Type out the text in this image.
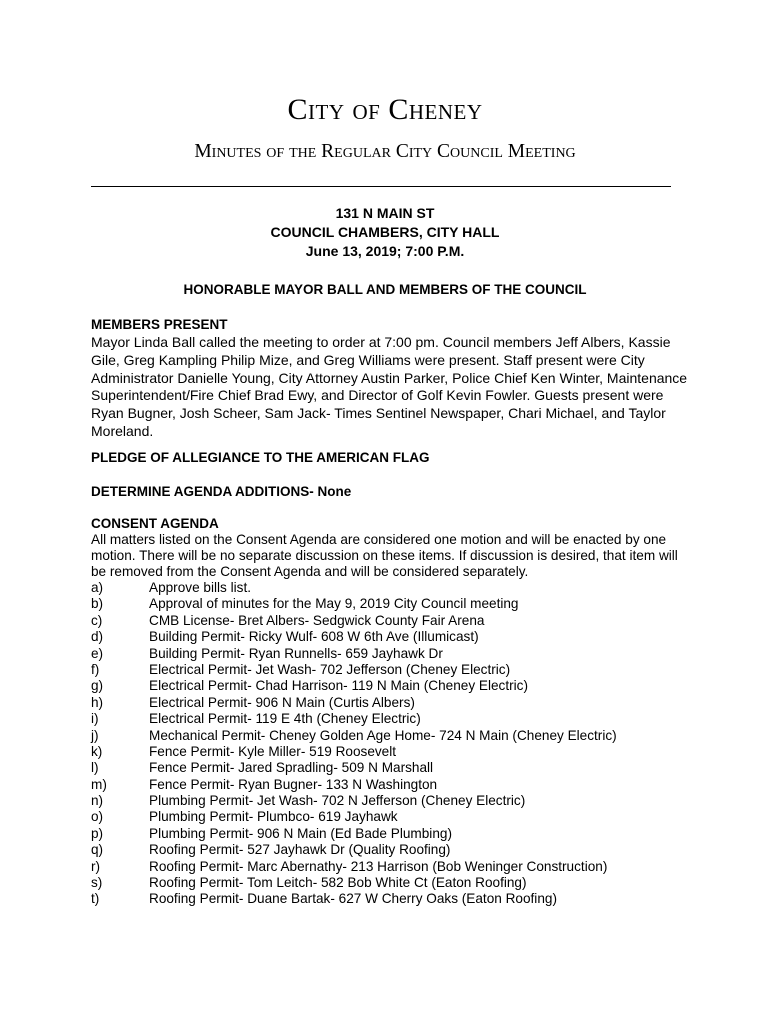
City of Cheney
Minutes of the Regular City Council Meeting
131 N MAIN ST
COUNCIL CHAMBERS, CITY HALL
June 13, 2019; 7:00 P.M.
HONORABLE MAYOR BALL AND MEMBERS OF THE COUNCIL
MEMBERS PRESENT

Mayor Linda Ball called the meeting to order at 7:00 pm. Council members Jeff Albers, Kassie Gile, Greg Kampling Philip Mize, and Greg Williams were present. Staff present were City Administrator Danielle Young, City Attorney Austin Parker, Police Chief Ken Winter, Maintenance Superintendent/Fire Chief Brad Ewy, and Director of Golf Kevin Fowler. Guests present were Ryan Bugner, Josh Scheer, Sam Jack- Times Sentinel Newspaper, Chari Michael, and Taylor Moreland.

PLEDGE OF ALLEGIANCE TO THE AMERICAN FLAG
DETERMINE AGENDA ADDITIONS- None
CONSENT AGENDA

All matters listed on the Consent Agenda are considered one motion and will be enacted by one motion. There will be no separate discussion on these items. If discussion is desired, that item will be removed from the Consent Agenda and will be considered separately.

a)	Approve bills list.
b)	Approval of minutes for the May 9, 2019 City Council meeting
c)	CMB License- Bret Albers- Sedgwick County Fair Arena
d)	Building Permit- Ricky Wulf- 608 W 6th Ave (Illumicast)
e)	Building Permit- Ryan Runnells- 659 Jayhawk Dr
f)	Electrical Permit- Jet Wash- 702 Jefferson (Cheney Electric)
g)	Electrical Permit- Chad Harrison- 119 N Main (Cheney Electric)
h)	Electrical Permit- 906 N Main (Curtis Albers)
i)	Electrical Permit- 119 E 4th (Cheney Electric)
j)	Mechanical Permit- Cheney Golden Age Home- 724 N Main (Cheney Electric)
k)	Fence Permit- Kyle Miller- 519 Roosevelt
l)	Fence Permit- Jared Spradling- 509 N Marshall
m)	Fence Permit- Ryan Bugner- 133 N Washington
n)	Plumbing Permit- Jet Wash- 702 N Jefferson (Cheney Electric)
o)	Plumbing Permit- Plumbco- 619 Jayhawk
p)	Plumbing Permit- 906 N Main (Ed Bade Plumbing)
q)	Roofing Permit- 527 Jayhawk Dr (Quality Roofing)
r)	Roofing Permit- Marc Abernathy- 213 Harrison (Bob Weninger Construction)
s)	Roofing Permit- Tom Leitch- 582 Bob White Ct (Eaton Roofing)
t)	Roofing Permit- Duane Bartak- 627 W Cherry Oaks (Eaton Roofing)
